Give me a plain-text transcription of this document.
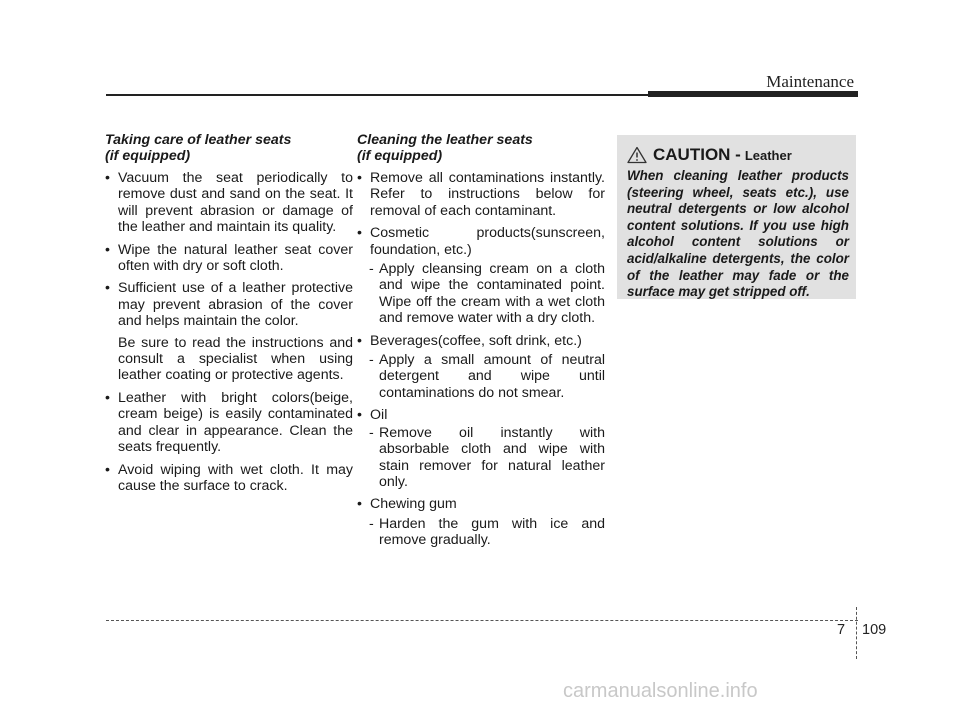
Maintenance
Taking care of leather seats
(if equipped)
• Vacuum the seat periodically to remove dust and sand on the seat. It will prevent abrasion or damage of the leather and maintain its quality.
• Wipe the natural leather seat cover often with dry or soft cloth.
• Sufficient use of a leather protective may prevent abrasion of the cover and helps maintain the color.
Be sure to read the instructions and consult a specialist when using leather coating or protective agents.
• Leather with bright colors(beige, cream beige) is easily contaminated and clear in appearance. Clean the seats frequently.
• Avoid wiping with wet cloth. It may cause the surface to crack.
Cleaning the leather seats
(if equipped)
• Remove all contaminations instantly. Refer to instructions below for removal of each contaminant.
• Cosmetic products(sunscreen, foundation, etc.)
- Apply cleansing cream on a cloth and wipe the contaminated point. Wipe off the cream with a wet cloth and remove water with a dry cloth.
• Beverages(coffee, soft drink, etc.)
- Apply a small amount of neutral detergent and wipe until contaminations do not smear.
• Oil
- Remove oil instantly with absorbable cloth and wipe with stain remover for natural leather only.
• Chewing gum
- Harden the gum with ice and remove gradually.
CAUTION - Leather
When cleaning leather products (steering wheel, seats etc.), use neutral detergents or low alcohol content solutions. If you use high alcohol content solutions or acid/alkaline detergents, the color of the leather may fade or the surface may get stripped off.
7 109
carmanualsonline.info
